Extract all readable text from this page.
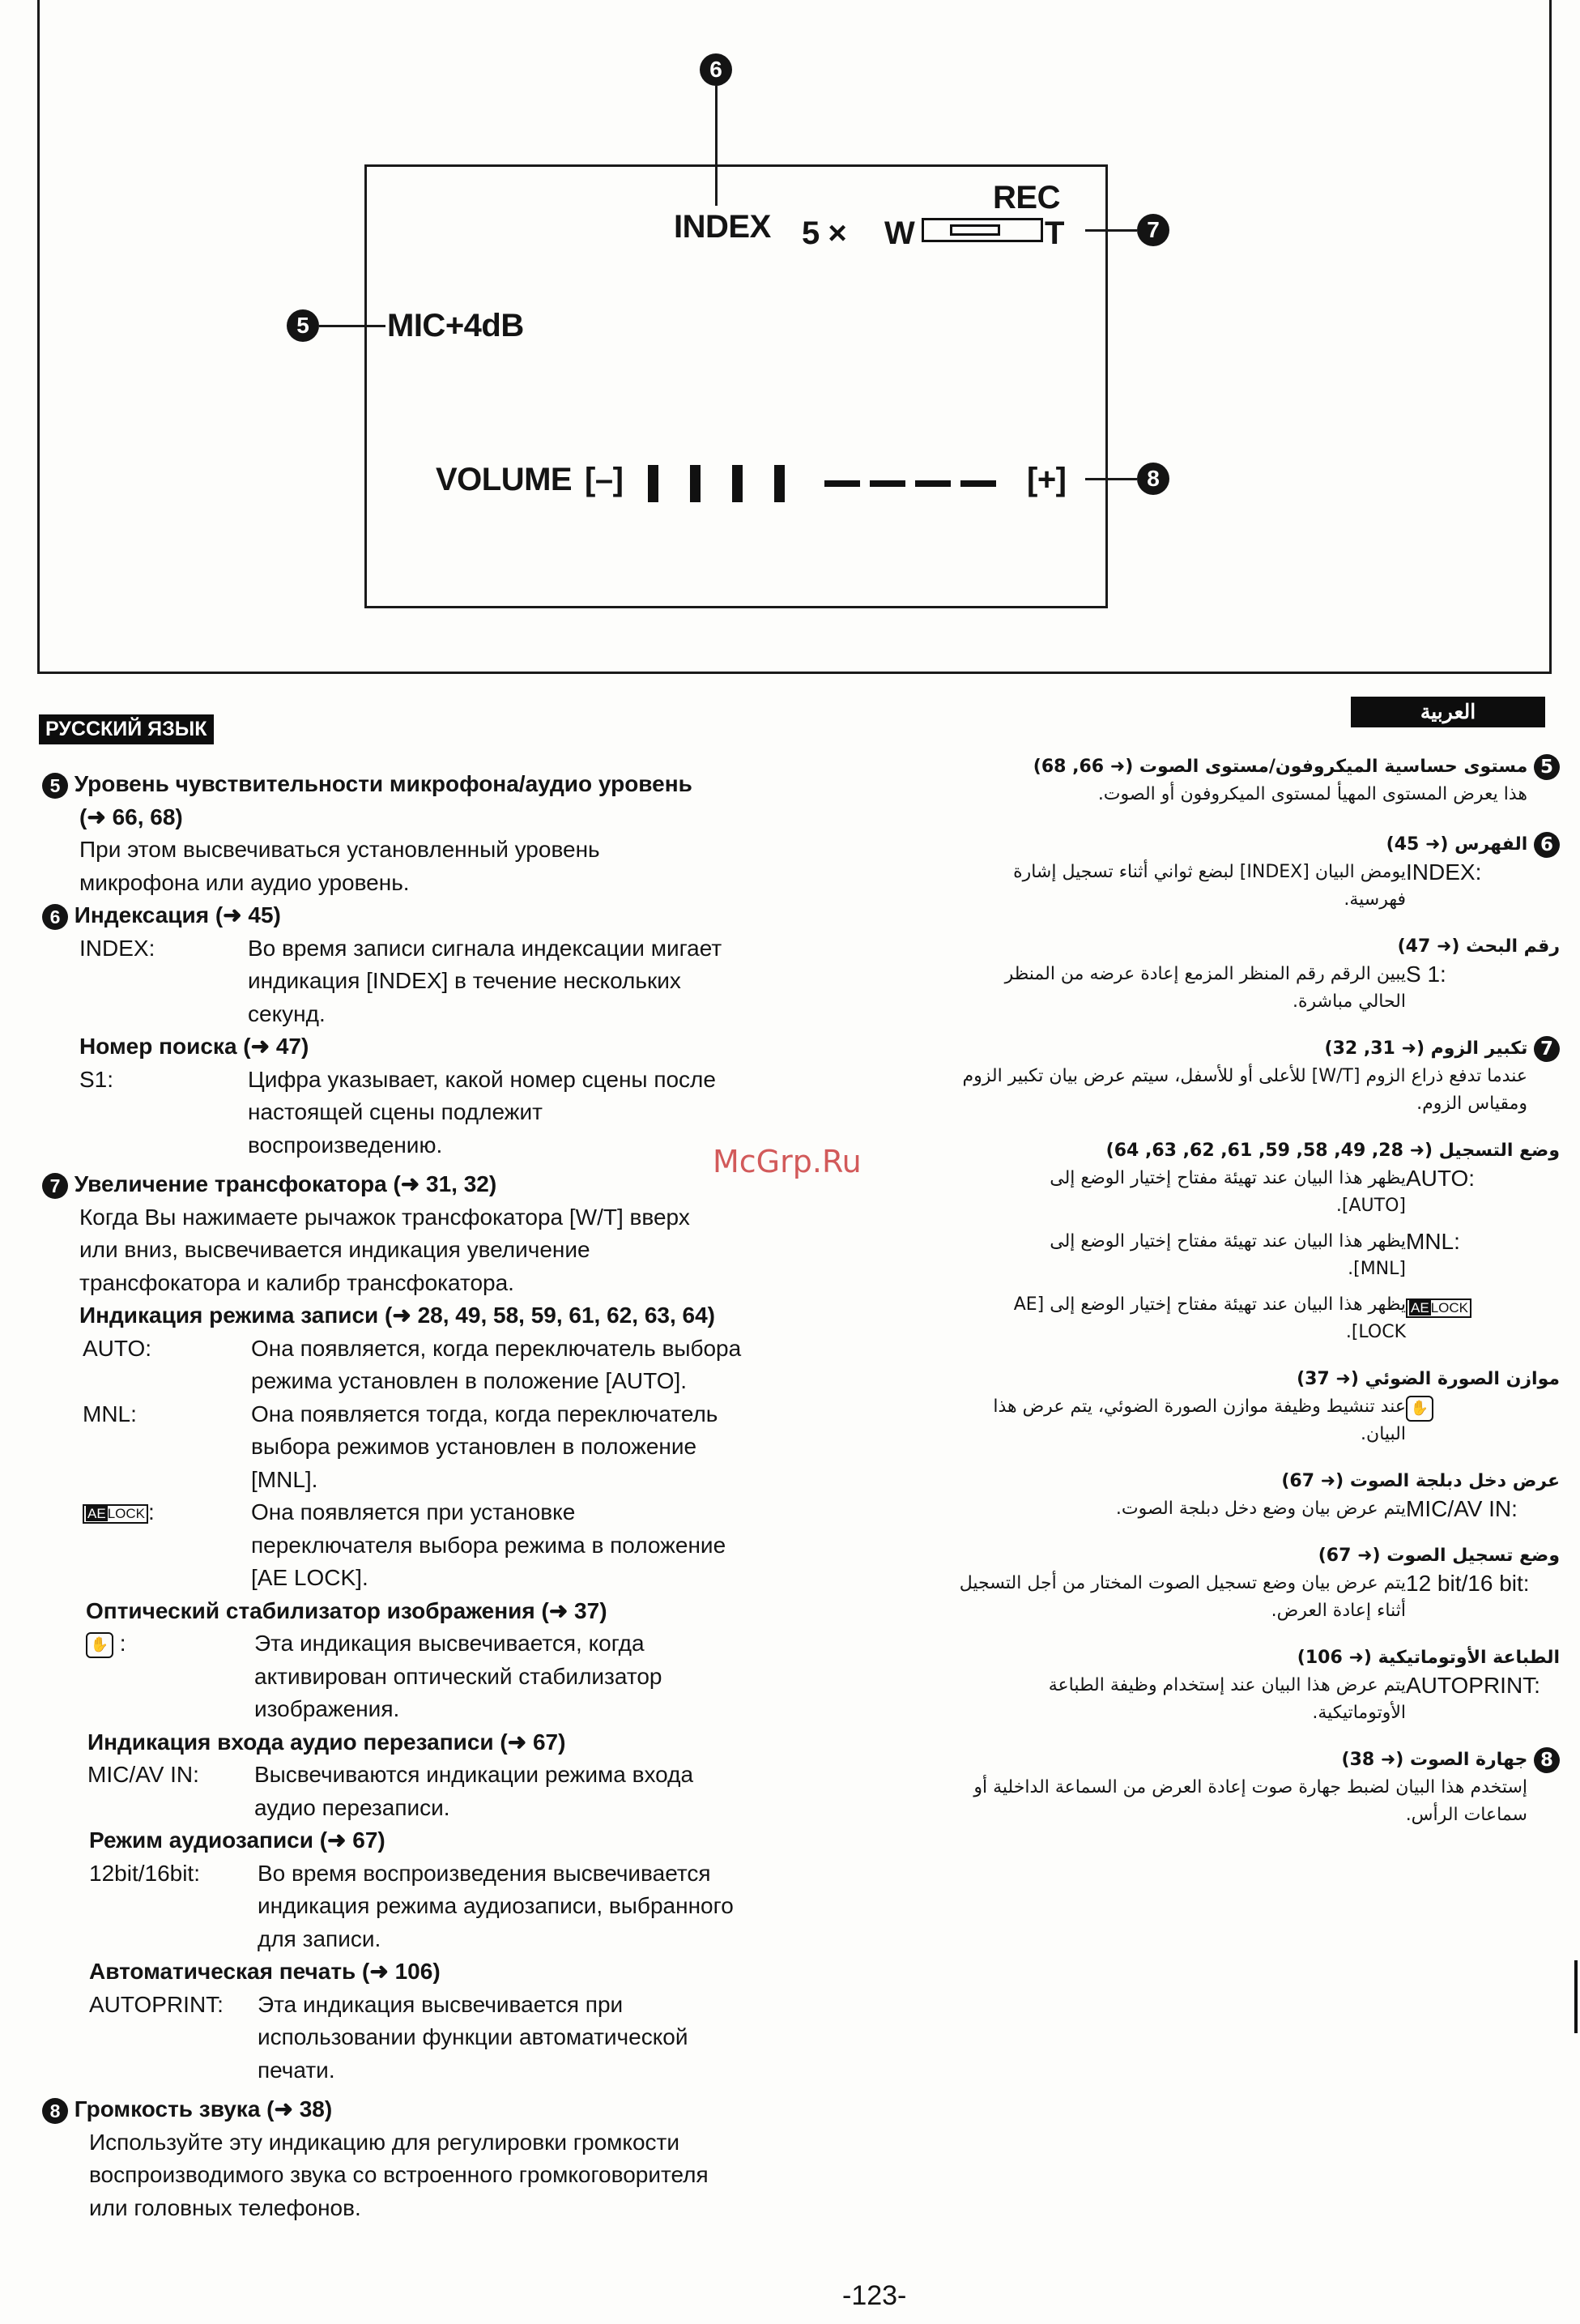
6
INDEX
REC
5 × W	T	7
5	MIC+4dB
VOLUME [–]	[+]	8
РУССКИЙ ЯЗЫК
العربية
5 Уровень чувствительности микрофона/аудио уровень
(➜ 66, 68)
При этом высвечиваться установленный уровень
микрофона или аудио уровень.
6 Индексация (➜ 45)
INDEX:	Во время записи сигнала индексации мигает
индикация [INDEX] в течение нескольких
секунд.
Номер поиска (➜ 47)
S1:	Цифра указывает, какой номер сцены после
настоящей сцены подлежит
воспроизведению.
7 Увеличение трансфокатора (➜ 31, 32)
Когда Вы нажимаете рычажок трансфокатора [W/T] вверх
или вниз, высвечивается индикация увеличение
трансфокатора и калибр трансфокатора.
Индикация режима записи (➜ 28, 49, 58, 59, 61, 62, 63, 64)
AUTO:	Она появляется, когда переключатель выбора
режима установлен в положение [AUTO].
MNL:	Она появляется тогда, когда переключатель
выбора режимов установлен в положение
[MNL].
AE LOCK :	Она появляется при установке
переключателя выбора режима в положение
[AE LOCK].
Оптический стабилизатор изображения (➜ 37)
✋ :	Эта индикация высвечивается, когда
активирован оптический стабилизатор
изображения.
Индикация входа аудио перезаписи (➜ 67)
MIC/AV IN: Высвечиваются индикации режима входа
аудио перезаписи.
Режим аудиозаписи (➜ 67)
12bit/16bit:	Во время воспроизведения высвечивается
индикация режима аудиозаписи, выбранного
для записи.
Автоматическая печать (➜ 106)
AUTOPRINT: Эта индикация высвечивается при
использовании функции автоматической
печати.
8 Громкость звука (➜ 38)
Используйте эту индикацию для регулировки громкости
воспроизводимого звука со встроенного громкоговорителя
или головных телефонов.
5 مستوى حساسية الميكروفون/مستوى الصوت (➜ 66, 68)
هذا يعرض المستوى المهيأ لمستوى الميكروفون أو الصوت.
6 الفهرس (➜ 45)
INDEX:
يومض البيان [INDEX] لبضع ثواني أثناء تسجيل إشارة فهرسية.
رقم البحث (➜ 47)
S 1:
يبين الرقم رقم المنظر المزمع إعادة عرضه من المنظر الحالي مباشرة.
7 تكبير الزوم (➜ 31, 32)
عندما تدفع ذراع الزوم [W/T] للأعلى أو للأسفل، سيتم عرض بيان تكبير الزوم ومقياس الزوم.
وضع التسجيل (➜ 28, 49, 58, 59, 61, 62, 63, 64)
AUTO:
يظهر هذا البيان عند تهيئة مفتاح إختيار الوضع إلى [AUTO].
MNL:
يظهر هذا البيان عند تهيئة مفتاح إختيار الوضع إلى [MNL].
AE LOCK
يظهر هذا البيان عند تهيئة مفتاح إختيار الوضع إلى [AE LOCK].
موازن الصورة الضوئي (➜ 37)
✋
عند تنشيط وظيفة موازن الصورة الضوئي، يتم عرض هذا البيان.
عرض دخل دبلجة الصوت (➜ 67)
MIC/AV IN:
يتم عرض بيان وضع دخل دبلجة الصوت.
وضع تسجيل الصوت (➜ 67)
12 bit/16 bit:
يتم عرض بيان وضع تسجيل الصوت المختار من أجل التسجيل أثناء إعادة العرض.
الطباعة الأوتوماتيكية (➜ 106)
AUTOPRINT:
يتم عرض هذا البيان عند إستخدام وظيفة الطباعة الأوتوماتيكية.
8 جهارة الصوت (➜ 38)
إستخدم هذا البيان لضبط جهارة صوت إعادة العرض من السماعة الداخلية أو سماعات الرأس.
McGrp.Ru
-123-
